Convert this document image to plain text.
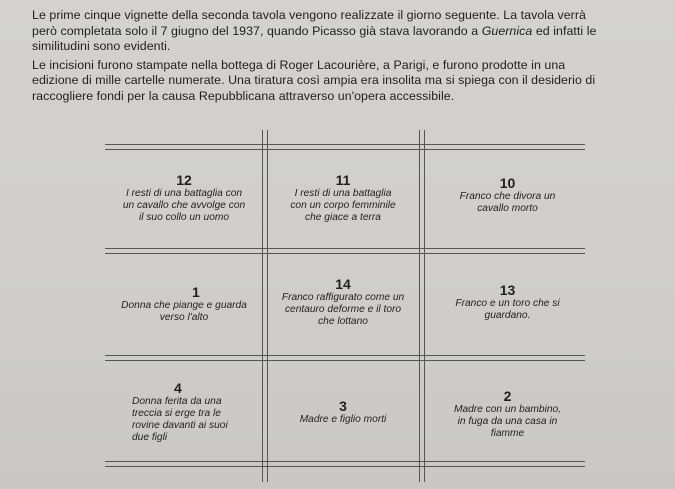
Le prime cinque vignette della seconda tavola vengono realizzate il giorno seguente. La tavola verrà
però completata solo il 7 giugno del 1937, quando Picasso già stava lavorando a Guernica ed infatti le
similitudini sono evidenti.

Le incisioni furono stampate nella bottega di Roger Lacourière, a Parigi, e furono prodotte in una
edizione di mille cartelle numerate. Una tiratura così ampia era insolita ma si spiega con il desiderio di
raccogliere fondi per la causa Repubblicana attraverso un'opera accessibile.

12
I resti di una battaglia con
un cavallo che avvolge con
il suo collo un uomo
11
I resti di una battaglia
con un corpo femminile
che giace a terra
10
Franco che divora un
cavallo morto
1
Donna che piange e guarda
verso l'alto
14
Franco raffigurato come un
centauro deforme e il toro
che lottano
13
Franco e un toro che si
guardano.
4
Donna ferita da una
treccia si erge tra le
rovine davanti ai suoi
due figli
3
Madre e figlio morti
2
Madre con un bambino,
in fuga da una casa in
fiamme
